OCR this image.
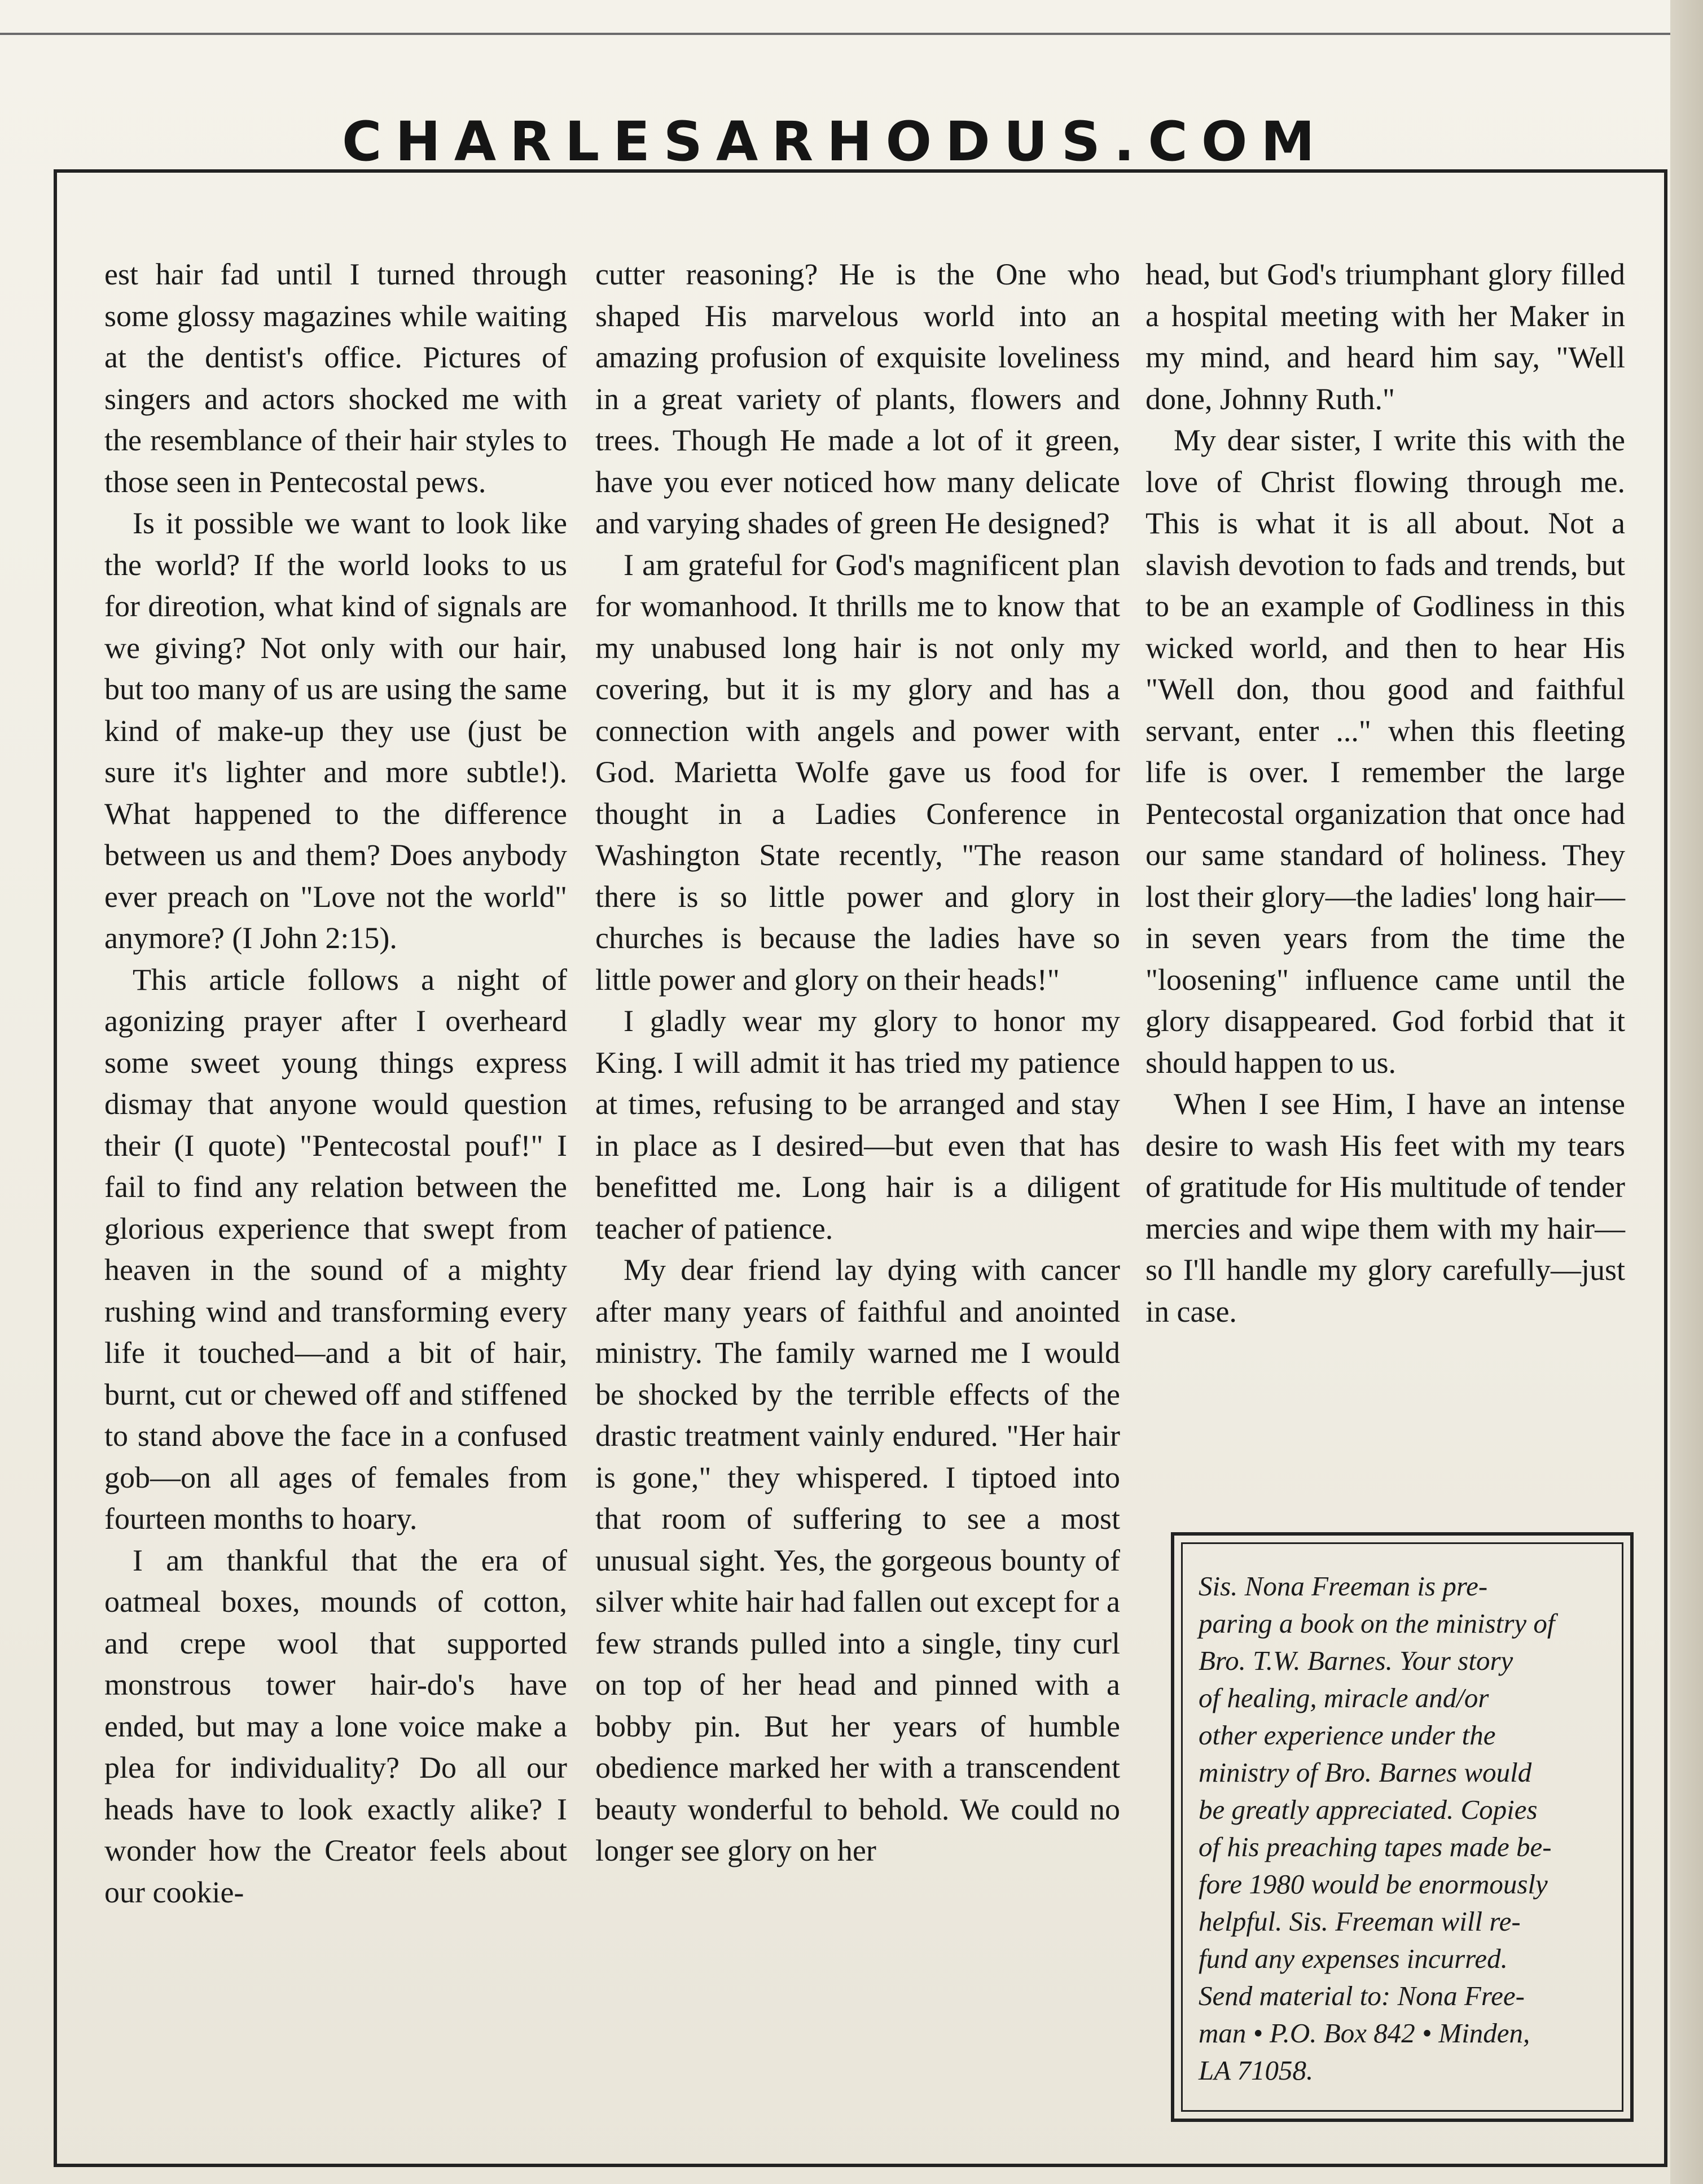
CHARLESARHODUS.COM

est hair fad until I turned through some glossy magazines while waiting at the dentist's office. Pictures of singers and actors shocked me with the resemblance of their hair styles to those seen in Pentecostal pews.

Is it possible we want to look like the world? If the world looks to us for direotion, what kind of signals are we giving? Not only with our hair, but too many of us are using the same kind of make-up they use (just be sure it's lighter and more subtle!). What happened to the difference between us and them? Does anybody ever preach on "Love not the world" anymore? (I John 2:15).

This article follows a night of agonizing prayer after I overheard some sweet young things express dismay that anyone would question their (I quote) "Pentecostal pouf!" I fail to find any relation between the glorious experience that swept from heaven in the sound of a mighty rushing wind and transforming every life it touched—and a bit of hair, burnt, cut or chewed off and stiffened to stand above the face in a confused gob—on all ages of females from fourteen months to hoary.

I am thankful that the era of oatmeal boxes, mounds of cotton, and crepe wool that supported monstrous tower hair-do's have ended, but may a lone voice make a plea for individuality? Do all our heads have to look exactly alike? I wonder how the Creator feels about our cookie-

cutter reasoning? He is the One who shaped His marvelous world into an amazing profusion of exquisite loveliness in a great variety of plants, flowers and trees. Though He made a lot of it green, have you ever noticed how many delicate and varying shades of green He designed?

I am grateful for God's magnificent plan for womanhood. It thrills me to know that my unabused long hair is not only my covering, but it is my glory and has a connection with angels and power with God. Marietta Wolfe gave us food for thought in a Ladies Conference in Washington State recently, "The reason there is so little power and glory in churches is because the ladies have so little power and glory on their heads!"

I gladly wear my glory to honor my King. I will admit it has tried my patience at times, refusing to be arranged and stay in place as I desired—but even that has benefitted me. Long hair is a diligent teacher of patience.

My dear friend lay dying with cancer after many years of faithful and anointed ministry. The family warned me I would be shocked by the terrible effects of the drastic treatment vainly endured. "Her hair is gone," they whispered. I tiptoed into that room of suffering to see a most unusual sight. Yes, the gorgeous bounty of silver white hair had fallen out except for a few strands pulled into a single, tiny curl on top of her head and pinned with a bobby pin. But her years of humble obedience marked her with a transcendent beauty wonderful to behold. We could no longer see glory on her

head, but God's triumphant glory filled a hospital meeting with her Maker in my mind, and heard him say, "Well done, Johnny Ruth."

My dear sister, I write this with the love of Christ flowing through me. This is what it is all about. Not a slavish devotion to fads and trends, but to be an example of Godliness in this wicked world, and then to hear His "Well don, thou good and faithful servant, enter ..." when this fleeting life is over. I remember the large Pentecostal organization that once had our same standard of holiness. They lost their glory—the ladies' long hair—in seven years from the time the "loosening" influence came until the glory disappeared. God forbid that it should happen to us.

When I see Him, I have an intense desire to wash His feet with my tears of gratitude for His multitude of tender mercies and wipe them with my hair—so I'll handle my glory carefully—just in case.

Sis. Nona Freeman is pre-
paring a book on the ministry of
Bro. T.W. Barnes. Your story
of healing, miracle and/or
other experience under the
ministry of Bro. Barnes would
be greatly appreciated. Copies
of his preaching tapes made be-
fore 1980 would be enormously
helpful. Sis. Freeman will re-
fund any expenses incurred.
Send material to: Nona Free-
man • P.O. Box 842 • Minden,
LA 71058.
